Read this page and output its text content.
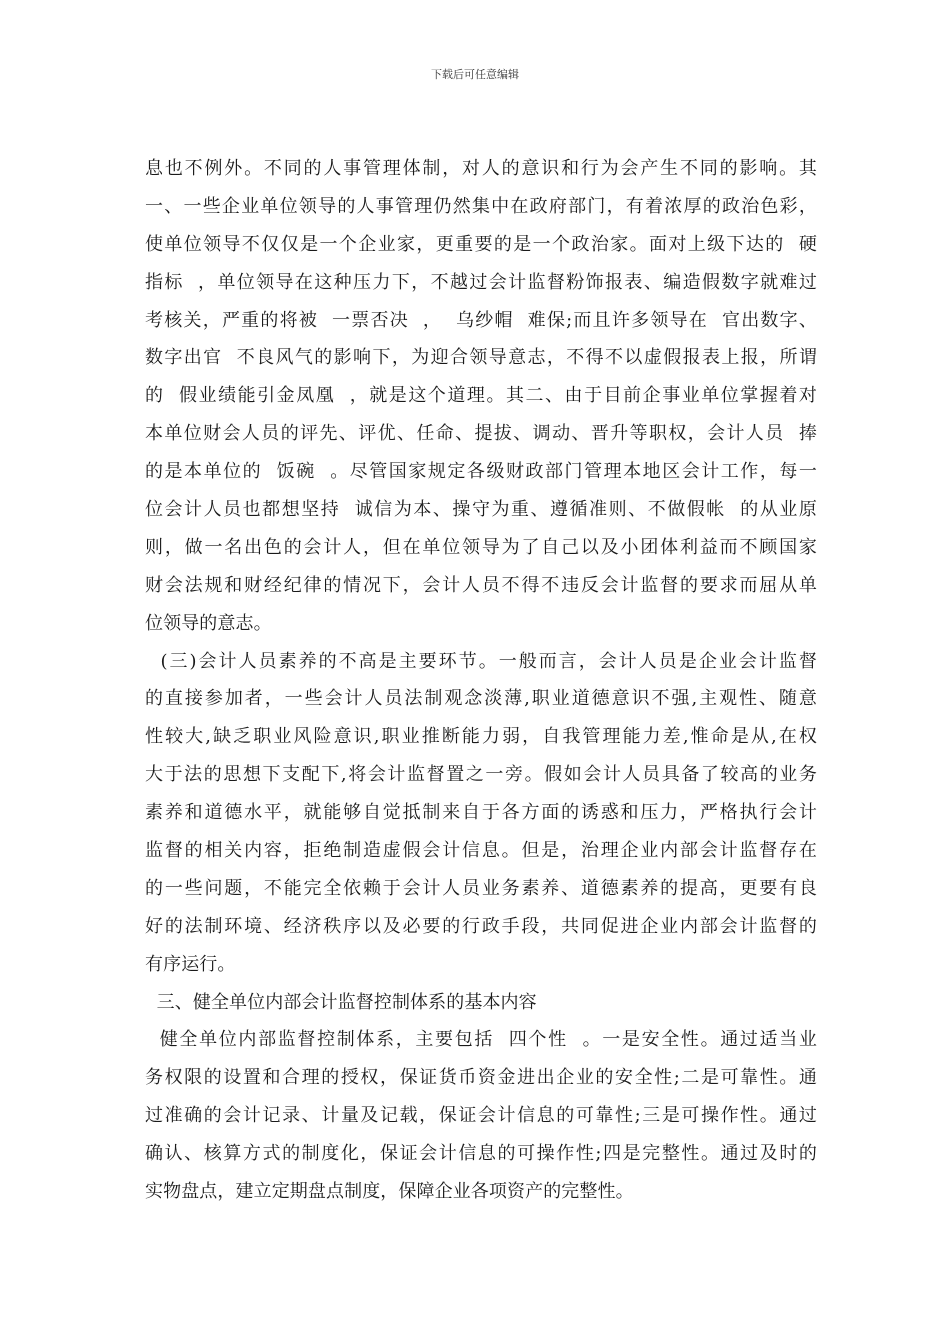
下载后可任意编辑
息也不例外。不同的人事管理体制，对人的意识和行为会产生不同的影响。其
一、一些企业单位领导的人事管理仍然集中在政府部门，有着浓厚的政治色彩，
使单位领导不仅仅是一个企业家，更重要的是一个政治家。面对上级下达的  硬
指标  ，单位领导在这种压力下，不越过会计监督粉饰报表、编造假数字就难过
考核关，严重的将被  一票否决  ，  乌纱帽  难保;而且许多领导在  官出数字、
数字出官  不良风气的影响下，为迎合领导意志，不得不以虚假报表上报，所谓
的  假业绩能引金凤凰  ，就是这个道理。其二、由于目前企事业单位掌握着对
本单位财会人员的评先、评优、任命、提拔、调动、晋升等职权，会计人员  捧
的是本单位的  饭碗  。尽管国家规定各级财政部门管理本地区会计工作，每一
位会计人员也都想坚持  诚信为本、操守为重、遵循准则、不做假帐  的从业原
则，做一名出色的会计人，但在单位领导为了自己以及小团体利益而不顾国家
财会法规和财经纪律的情况下，会计人员不得不违反会计监督的要求而屈从单
位领导的意志。
(三)会计人员素养的不高是主要环节。一般而言，会计人员是企业会计监督
的直接参加者，一些会计人员法制观念淡薄,职业道德意识不强,主观性、随意
性较大,缺乏职业风险意识,职业推断能力弱，自我管理能力差,惟命是从,在权
大于法的思想下支配下,将会计监督置之一旁。假如会计人员具备了较高的业务
素养和道德水平，就能够自觉抵制来自于各方面的诱惑和压力，严格执行会计
监督的相关内容，拒绝制造虚假会计信息。但是，治理企业内部会计监督存在
的一些问题，不能完全依赖于会计人员业务素养、道德素养的提高，更要有良
好的法制环境、经济秩序以及必要的行政手段，共同促进企业内部会计监督的
有序运行。
三、健全单位内部会计监督控制体系的基本内容
健全单位内部监督控制体系，主要包括  四个性  。一是安全性。通过适当业
务权限的设置和合理的授权，保证货币资金进出企业的安全性;二是可靠性。通
过准确的会计记录、计量及记载，保证会计信息的可靠性;三是可操作性。通过
确认、核算方式的制度化，保证会计信息的可操作性;四是完整性。通过及时的
实物盘点，建立定期盘点制度，保障企业各项资产的完整性。
